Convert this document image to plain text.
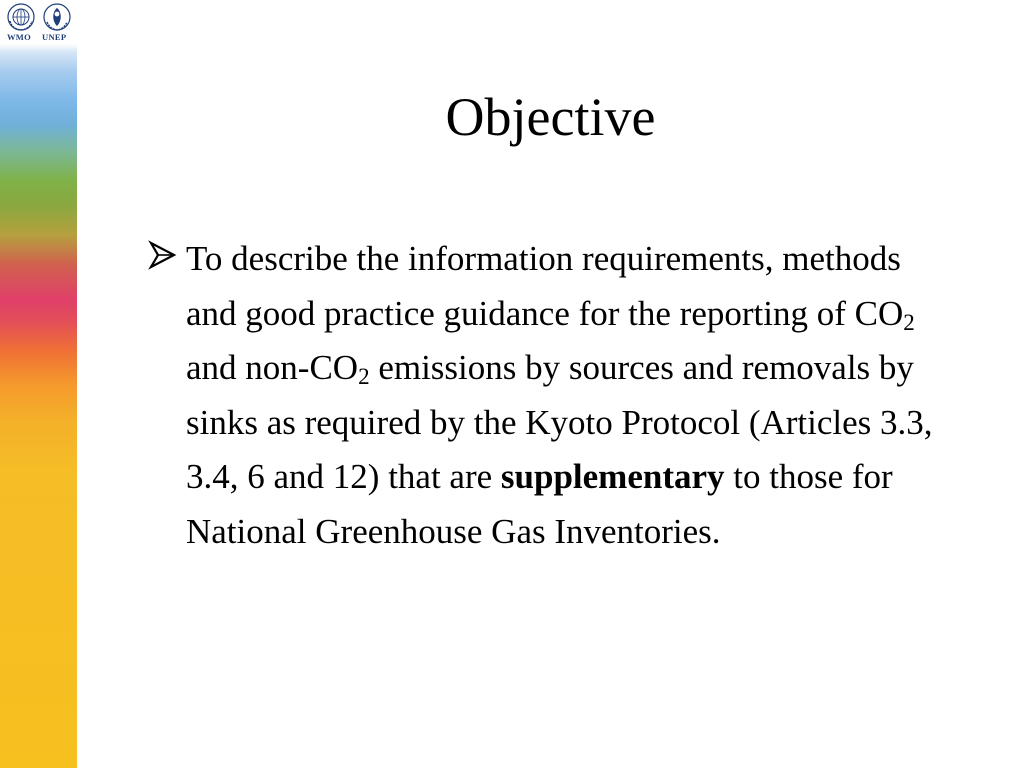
WMO UNEP
Objective
To describe the information requirements, methods and good practice guidance for the reporting of $CO_2$ and non-$CO_2$ emissions by sources and removals by sinks as required by the Kyoto Protocol (Articles 3.3, 3.4, 6 and 12) that are supplementary to those for National Greenhouse Gas Inventories.
